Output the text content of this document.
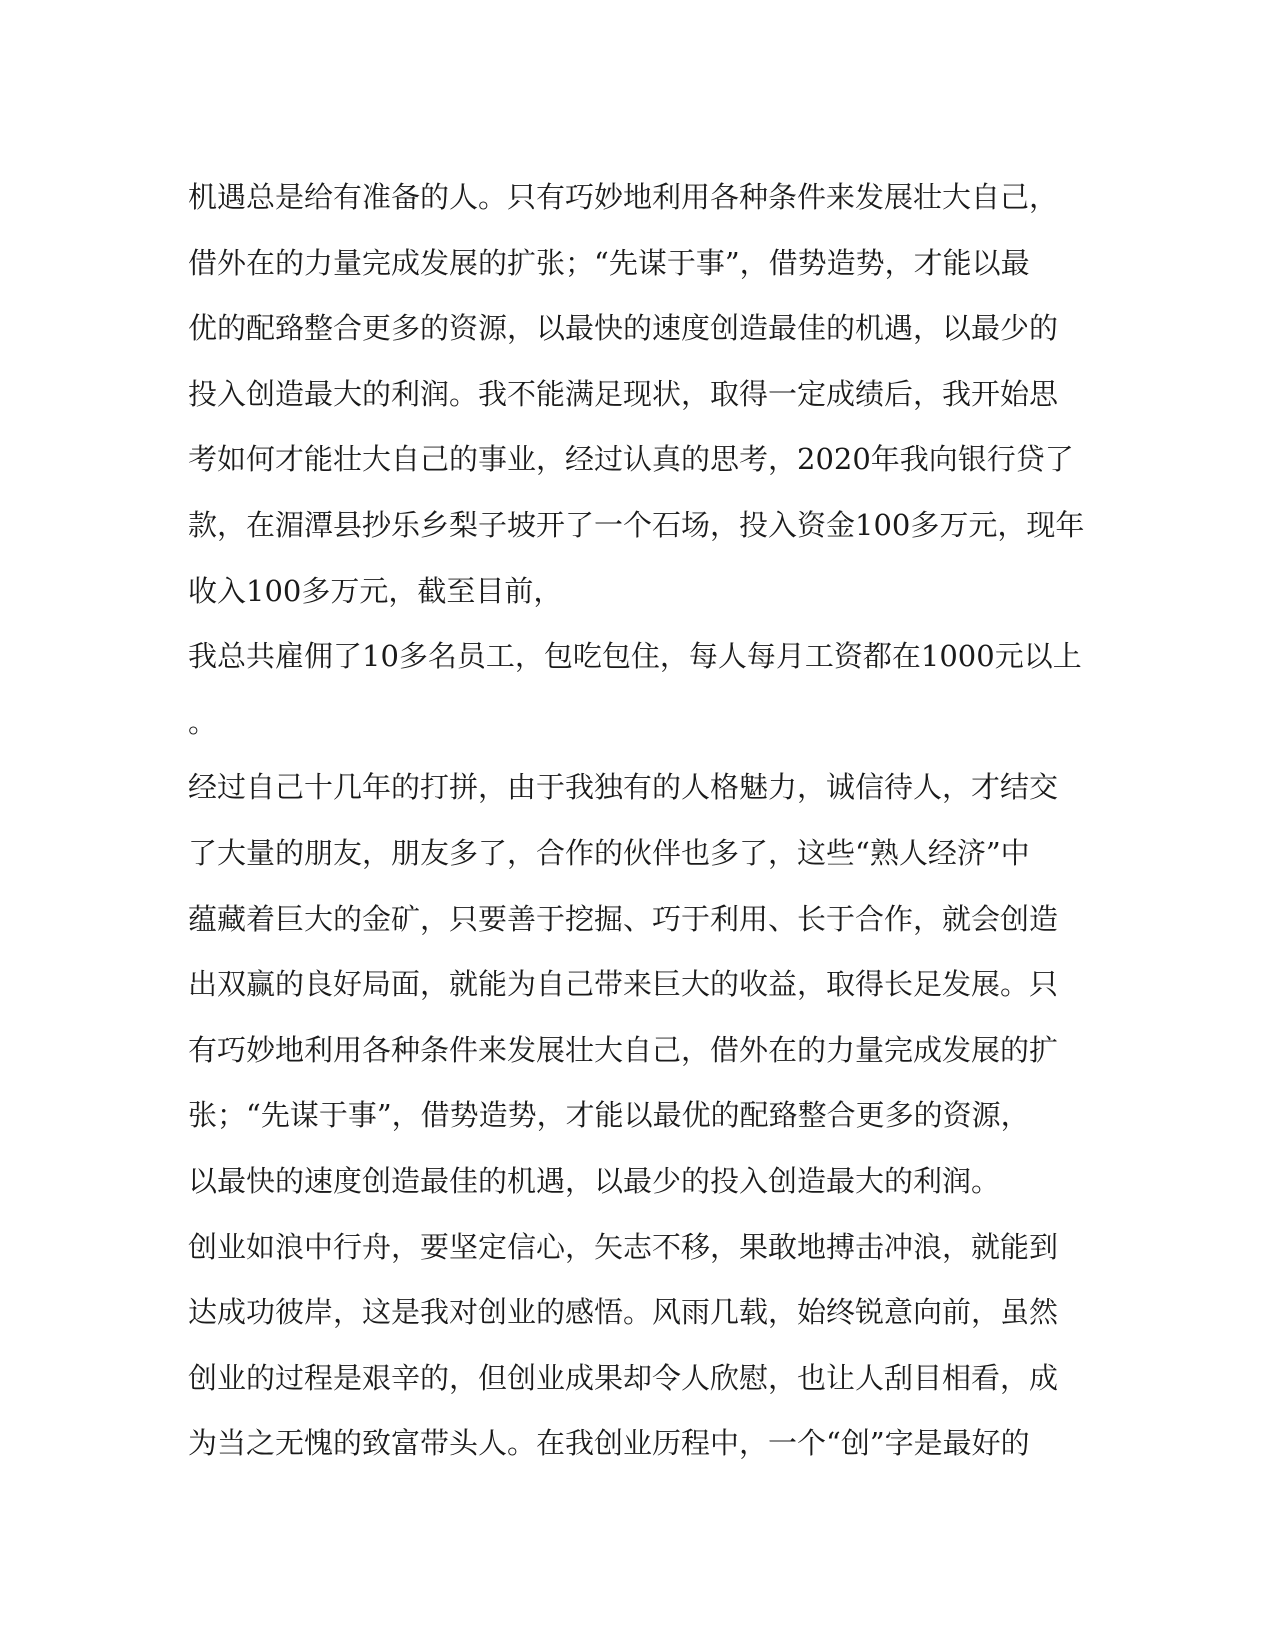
机遇总是给有准备的人。只有巧妙地利用各种条件来发展壮大自己，
借外在的力量完成发展的扩张；“先谋于事”，借势造势，才能以最
优的配臵整合更多的资源，以最快的速度创造最佳的机遇，以最少的
投入创造最大的利润。我不能满足现状，取得一定成绩后，我开始思
考如何才能壮大自己的事业，经过认真的思考，2020年我向银行贷了
款，在湄潭县抄乐乡梨子坡开了一个石场，投入资金100多万元，现年
收入100多万元，截至目前，
我总共雇佣了10多名员工，包吃包住，每人每月工资都在1000元以上
。
经过自己十几年的打拼，由于我独有的人格魅力，诚信待人，才结交
了大量的朋友，朋友多了，合作的伙伴也多了，这些“熟人经济”中
蕴藏着巨大的金矿，只要善于挖掘、巧于利用、长于合作，就会创造
出双赢的良好局面，就能为自己带来巨大的收益，取得长足发展。只
有巧妙地利用各种条件来发展壮大自己，借外在的力量完成发展的扩
张；“先谋于事”，借势造势，才能以最优的配臵整合更多的资源，
以最快的速度创造最佳的机遇，以最少的投入创造最大的利润。
创业如浪中行舟，要坚定信心，矢志不移，果敢地搏击冲浪，就能到
达成功彼岸，这是我对创业的感悟。风雨几载，始终锐意向前，虽然
创业的过程是艰辛的，但创业成果却令人欣慰，也让人刮目相看，成
为当之无愧的致富带头人。在我创业历程中，一个“创”字是最好的
